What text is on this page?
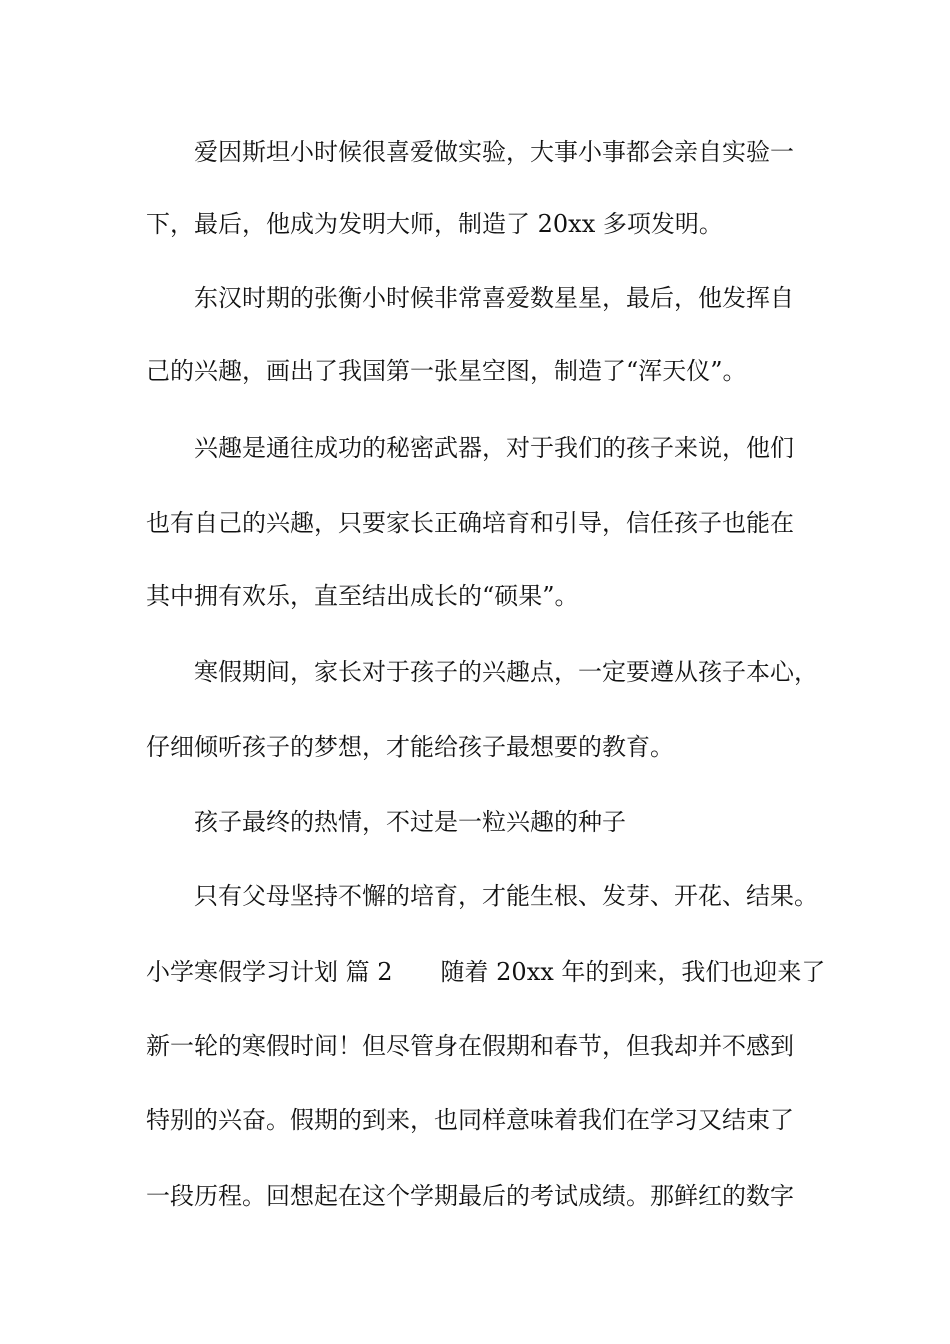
爱因斯坦小时候很喜爱做实验，大事小事都会亲自实验一

下，最后，他成为发明大师，制造了 20xx 多项发明。

东汉时期的张衡小时候非常喜爱数星星，最后，他发挥自

己的兴趣，画出了我国第一张星空图，制造了“浑天仪”。

兴趣是通往成功的秘密武器，对于我们的孩子来说，他们

也有自己的兴趣，只要家长正确培育和引导，信任孩子也能在

其中拥有欢乐，直至结出成长的“硕果”。

寒假期间，家长对于孩子的兴趣点，一定要遵从孩子本心，

仔细倾听孩子的梦想，才能给孩子最想要的教育。

孩子最终的热情，不过是一粒兴趣的种子

只有父母坚持不懈的培育，才能生根、发芽、开花、结果。

小学寒假学习计划 篇 2　　随着 20xx 年的到来，我们也迎来了

新一轮的寒假时间！但尽管身在假期和春节，但我却并不感到

特别的兴奋。假期的到来，也同样意味着我们在学习又结束了

一段历程。回想起在这个学期最后的考试成绩。那鲜红的数字
